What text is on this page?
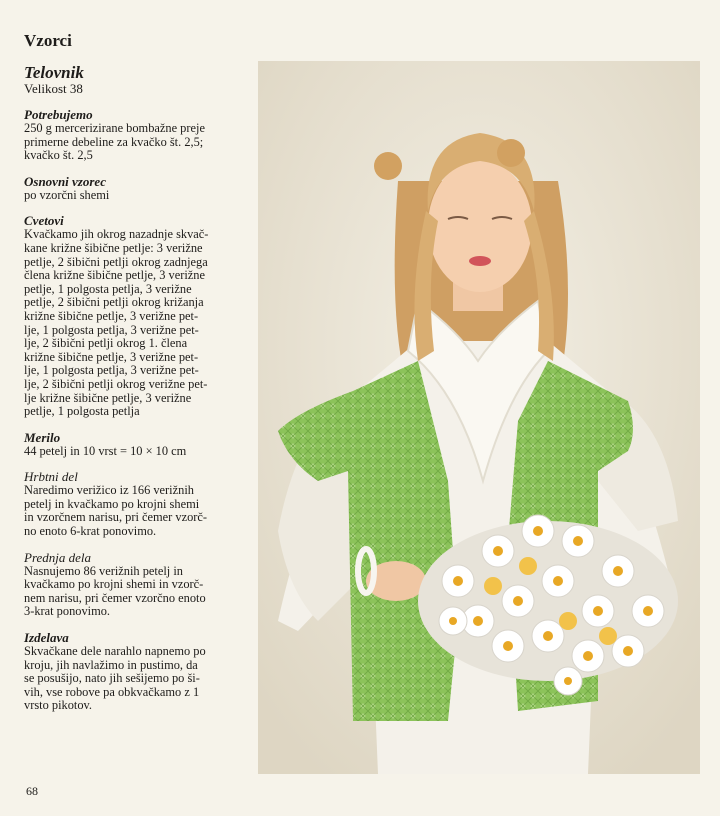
Vzorci
Telovnik
Velikost 38
Potrebujemo
250 g mercerizirane bombažne preje
primerne debeline za kvačko št. 2,5;
kvačko št. 2,5
Osnovni vzorec
po vzorčni shemi
Cvetovi
Kvačkamo jih okrog nazadnje skvač-
kane križne šibične petlje: 3 verižne
petlje, 2 šibični petlji okrog zadnjega
člena križne šibične petlje, 3 verižne
petlje, 1 polgosta petlja, 3 verižne
petlje, 2 šibični petlji okrog križanja
križne šibične petlje, 3 verižne pet-
lje, 1 polgosta petlja, 3 verižne pet-
lje, 2 šibični petlji okrog 1. člena
križne šibične petlje, 3 verižne pet-
lje, 1 polgosta petlja, 3 verižne pet-
lje, 2 šibični petlji okrog verižne pet-
lje križne šibične petlje, 3 verižne
petlje, 1 polgosta petlja
Merilo
44 petelj in 10 vrst = 10 × 10 cm
Hrbtni del
Naredimo verižico iz 166 verižnih
petelj in kvačkamo po krojni shemi
in vzorčnem narisu, pri čemer vzorč-
no enoto 6-krat ponovimo.
Prednja dela
Nasnujemo 86 verižnih petelj in
kvačkamo po krojni shemi in vzorč-
nem narisu, pri čemer vzorčno enoto
3-krat ponovimo.
Izdelava
Skvačkane dele narahlo napnemo po
kroju, jih navlažimo in pustimo, da
se posušijo, nato jih sešijemo po ši-
vih, vse robove pa obkvačkamo z 1
vrsto pikotov.
68
